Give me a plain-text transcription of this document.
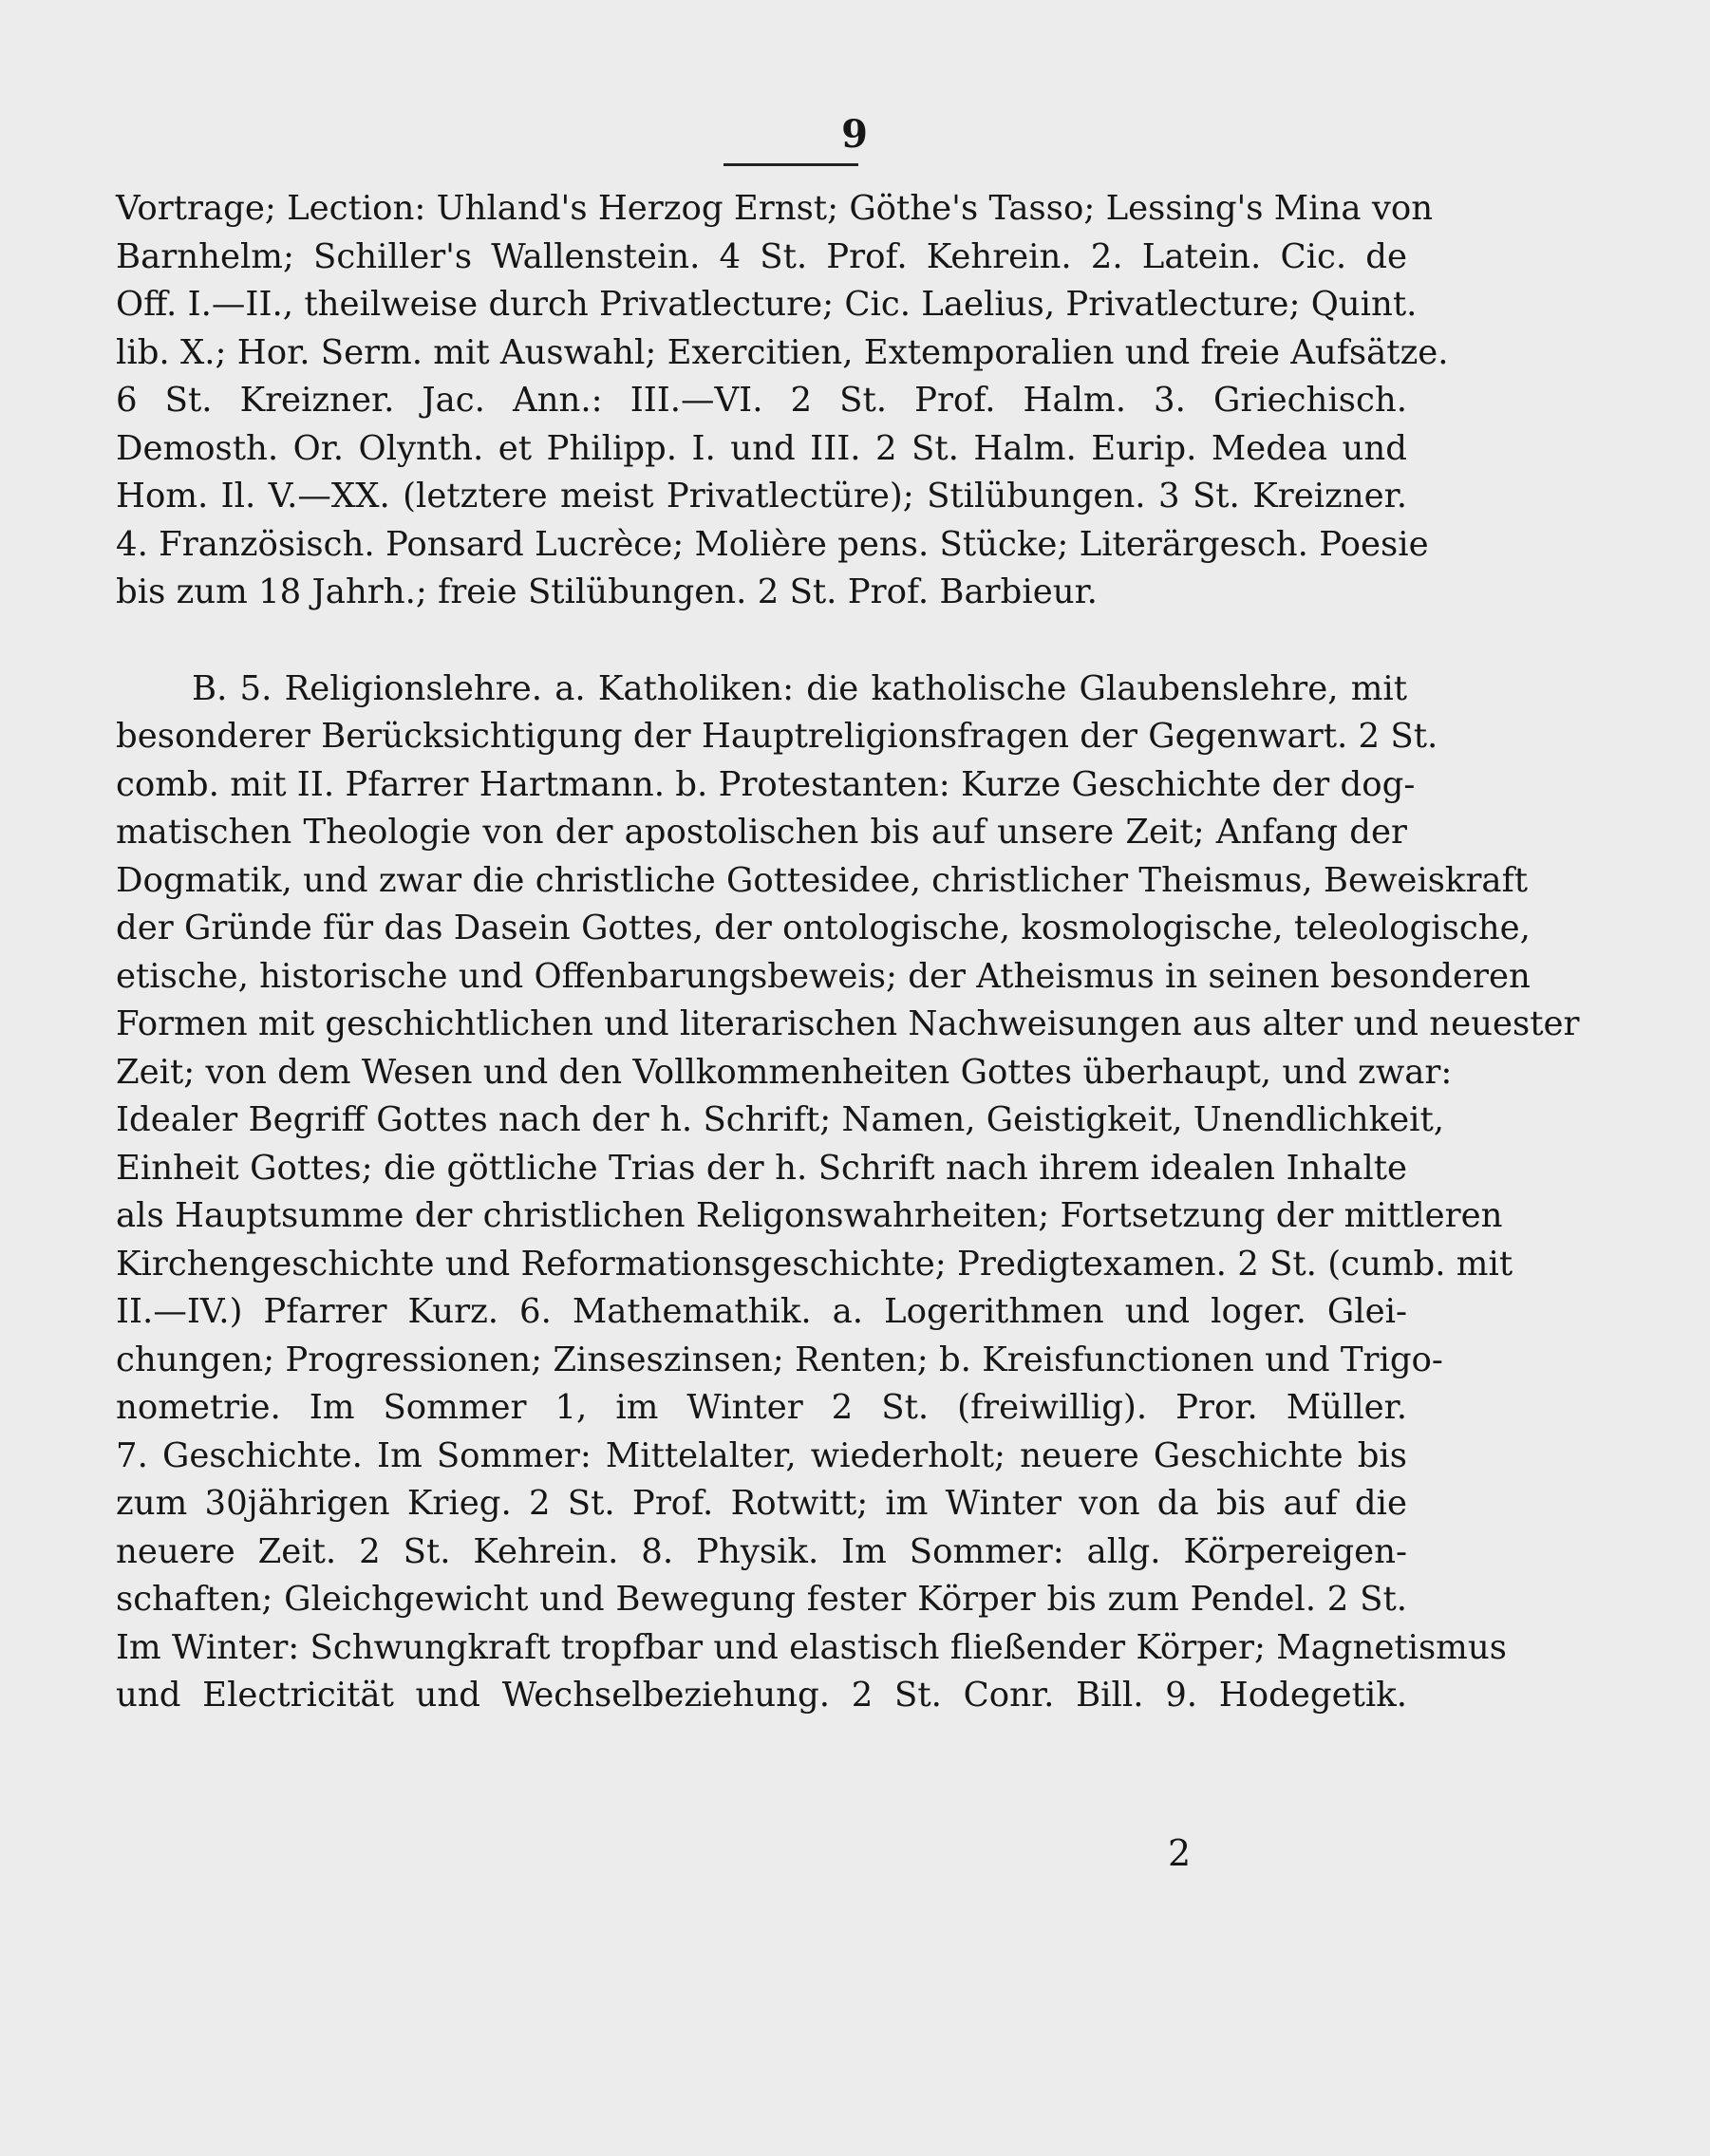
9
Vortrage; Lection: Uhland's Herzog Ernst; Göthe's Tasso; Lessing's Mina von
Barnhelm; Schiller's Wallenstein. 4 St. Prof. Kehrein. 2. Latein. Cic. de
Off. I.—II., theilweise durch Privatlecture; Cic. Laelius, Privatlecture; Quint.
lib. X.; Hor. Serm. mit Auswahl; Exercitien, Extemporalien und freie Aufsätze.
6 St. Kreizner. Jac. Ann.: III.—VI. 2 St. Prof. Halm. 3. Griechisch.
Demosth. Or. Olynth. et Philipp. I. und III. 2 St. Halm. Eurip. Medea und
Hom. Il. V.—XX. (letztere meist Privatlectüre); Stilübungen. 3 St. Kreizner.
4. Französisch. Ponsard Lucrèce; Molière pens. Stücke; Literärgesch. Poesie
bis zum 18 Jahrh.; freie Stilübungen. 2 St. Prof. Barbieur.
B. 5. Religionslehre. a. Katholiken: die katholische Glaubenslehre, mit
besonderer Berücksichtigung der Hauptreligionsfragen der Gegenwart. 2 St.
comb. mit II. Pfarrer Hartmann. b. Protestanten: Kurze Geschichte der dog-
matischen Theologie von der apostolischen bis auf unsere Zeit; Anfang der
Dogmatik, und zwar die christliche Gottesidee, christlicher Theismus, Beweiskraft
der Gründe für das Dasein Gottes, der ontologische, kosmologische, teleologische,
etische, historische und Offenbarungsbeweis; der Atheismus in seinen besonderen
Formen mit geschichtlichen und literarischen Nachweisungen aus alter und neuester
Zeit; von dem Wesen und den Vollkommenheiten Gottes überhaupt, und zwar:
Idealer Begriff Gottes nach der h. Schrift; Namen, Geistigkeit, Unendlichkeit,
Einheit Gottes; die göttliche Trias der h. Schrift nach ihrem idealen Inhalte
als Hauptsumme der christlichen Religonswahrheiten; Fortsetzung der mittleren
Kirchengeschichte und Reformationsgeschichte; Predigtexamen. 2 St. (cumb. mit
II.—IV.) Pfarrer Kurz. 6. Mathemathik. a. Logerithmen und loger. Glei-
chungen; Progressionen; Zinseszinsen; Renten; b. Kreisfunctionen und Trigo-
nometrie. Im Sommer 1, im Winter 2 St. (freiwillig). Pror. Müller.
7. Geschichte. Im Sommer: Mittelalter, wiederholt; neuere Geschichte bis
zum 30jährigen Krieg. 2 St. Prof. Rotwitt; im Winter von da bis auf die
neuere Zeit. 2 St. Kehrein. 8. Physik. Im Sommer: allg. Körpereigen-
schaften; Gleichgewicht und Bewegung fester Körper bis zum Pendel. 2 St.
Im Winter: Schwungkraft tropfbar und elastisch fließender Körper; Magnetismus
und Electricität und Wechselbeziehung. 2 St. Conr. Bill. 9. Hodegetik.
2
